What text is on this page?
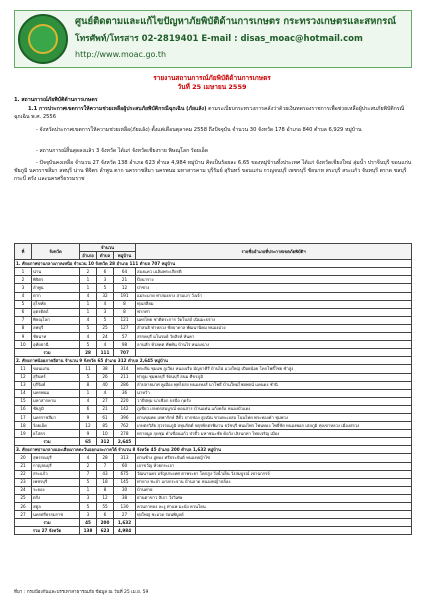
ศูนย์ติดตามและแก้ไขปัญหาภัยพิบัติด้านการเกษตร กระทรวงเกษตรและสหกรณ์
โทรศัพท์/โทรสาร 02-2819401 E-mail : disas_moac@hotmail.com
http://www.moac.go.th
รายงานสถานการณ์ภัยพิบัติด้านการเกษตร
วันที่ 25 เมษายน 2559
1. สถานการณ์ภัยพิบัติด้านการเกษตร
1.1 การประกาศเขตการให้ความช่วยเหลือผู้ประสบภัยพิบัติกรณีฉุกเฉิน (ภัยแล้ง) ตามระเบียบกระทรวงการคลังว่าด้วยเงินทดรองราชการเพื่อช่วยเหลือผู้ประสบภัยพิบัติกรณีฉุกเฉิน พ.ศ. 2556
- จังหวัดประกาศเขตการให้ความช่วยเหลือ(ภัยแล้ง) ตั้งแต่เดือนตุลาคม 2558 ถึงปัจจุบัน จำนวน 30 จังหวัด 178 อำเภอ 840 ตำบล 6,929 หมู่บ้าน
- สถานการณ์สิ้นสุดลงแล้ว 3 จังหวัด ได้แก่ จังหวัดเชียงราย พิษณุโลก ร้อยเอ็ด
- ปัจจุบันคงเหลือ จำนวน 27 จังหวัด 138 อำเภอ 623 ตำบล 4,984 หมู่บ้าน คิดเป็นร้อยละ 6.65 ของหมู่บ้านทั้งประเทศ ได้แก่ จังหวัดเชียงใหม่ ลุ่มน้ำ ปราจีนบุรี ขอนแก่น ชัยภูมิ นครราชสีมา ลพบุรี น่าน พิจิตร ลำพูน ตาก นครราชสีมา นครพนม มหาสารคาม บุรีรัมย์ สุรินทร์ ขอนแก่น กาญจนบุรี เพชรบุรี ชัยนาท สระบุรี สระแก้ว จันทบุรี ตราด ชลบุรี กระบี่ ตรัง และนครศรีธรรมราช
ที่	จังหวัด	จำนวน			รายชื่ออำเภอที่ประกาศเขตภัยพิบัติฯ
		อำเภอ	ตำบล	หมู่บ้าน	
1. ศักยภาพปานกลางภาคเหนือ จำนวน 10 จังหวัด 28 อำเภอ 111 ตำบล 707 หมู่บ้าน					
1	น่าน	2	6	64	สองแคว เฉลิมพระเกียรติ
2	พิจิตร	1	3	21	บึงนาราง
3	ลำพูน	1	5	12	ป่าซาง
4	ตาก	4	32	191	แม่ระมาด ท่าสองยาง สามเงา วังเจ้า
5	สุโขทัย	1	4	8	ทุ่งเสลี่ยม
6	อุตรดิตถ์	1	3	8	ฟากท่า
7	พิษณุโลก	4	5	121	นครไทย ชาติตระการ วัดโบสถ์ เนินมะปราง
8	ลพบุรี	5	25	127	ลำสนธิ ท่าหลวง ชัยบาดาล พัฒนานิคม หนองม่วง
9	ชัยนาท	4	24	57	สรรคบุรี มโนรมย์ วัดสิงห์ หันคา
10	อุทัยธานี	5	4	98	ลานสัก ห้วยคต ทัพทัน บ้านไร่ หนองฉาง
รวม		28	111	707	
2. ศักยภาพน้อยภาคอีสาน จำนวน 9 จังหวัด 65 อำเภอ 312 ตำบล 2,645 หมู่บ้าน					
11	ขอนแก่น	11	38	314	พระยืน ชุมแพ ภูเวียง หนองเรือ มัญจาคีรี บ้านไผ่ แวงใหญ่ เปือยน้อย โคกโพธิ์ไชย ซำสูง
12	สุรินทร์	5	26	211	ท่าตูม ชุมพลบุรี รัตนบุรี สนม ศีขรภูมิ
13	บุรีรัมย์	8	40	286	ลำปลายมาศ คูเมือง พุทไธสง หนองหงส์ นาโพธิ์ บ้านใหม่ไชยพจน์ แคนดง ชำนิ
14	นครพนม	1	4	36	นาหว้า
15	มหาสารคาม	4	27	220	วาปีปทุม นาเชือก บรบือ กุดรัง
16	ชัยภูมิ	6	21	142	ภูเขียว เกษตรสมบูรณ์ คอนสาร บ้านแท่น แก้งคร้อ หนองบัวแดง
17	นครราชสีมา	9	61	396	ด่านขุนทด เทพารักษ์ สีคิ้ว ปากช่อง สูงเนิน ขามทะเลสอ โนนไทย พระทองคำ ชุมพวง
18	ร้อยเอ็ด	12	85	762	เกษตรวิสัย สุวรรณภูมิ ปทุมรัตต์ จตุรพักตรพิมาน ธวัชบุรี พนมไพร โพนทอง โพธิ์ชัย หนองพอก เสลภูมิ ทุ่งเขาหลวง เมืองสรวง
19	ยโสธร	9	10	278	ทรายมูล กุดชุม คำเขื่อนแก้ว ป่าติ้ว มหาชนะชัย ค้อวัง เลิงนกทา ไทยเจริญ เมือง
รวม		65	312	2,645	
3. ศักยภาพปานกลางและเสี่ยงภาคตะวันออกและภาคใต้ จำนวน 8 จังหวัด 45 อำเภอ 200 ตำบล 1,632 หมู่บ้าน					
20	สุพรรณบุรี	4	28	313	ด่านช้าง อู่ทอง ศรีประจันต์ หนองหญ้าไซ
21	กาญจนบุรี	2	7	60	เลาขวัญ ห้วยกระเจา
22	สระแก้ว	7	43	675	วัฒนานคร อรัญประเทศ ตาพระยา โคกสูง วังน้ำเย็น วังสมบูรณ์ เขาฉกรรจ์
23	เพชรบุรี	5	18	145	ท่ายาง ชะอำ แก่งกระจาน บ้านลาด หนองหญ้าปล้อง
24	ระยอง	1	8	30	บ้านค่าย
25	ตรัง	3	12	38	ย่านตาขาว สิเกา วังวิเศษ
26	สตูล	5	55	130	ควนกาหลง ละงู ท่าแพ มะนัง ควนโดน
27	นครศรีธรรมราช	3	6	27	ทุ่งใหญ่ ชะอวด ร่อนพิบูลย์
รวม		45	200	1,632	
รวม 27 จังหวัด		138	623	4,984	
ที่มา : กรมป้องกันและบรรเทาสาธารณภัย ข้อมูล ณ วันที่ 25 เม.ย. 59
